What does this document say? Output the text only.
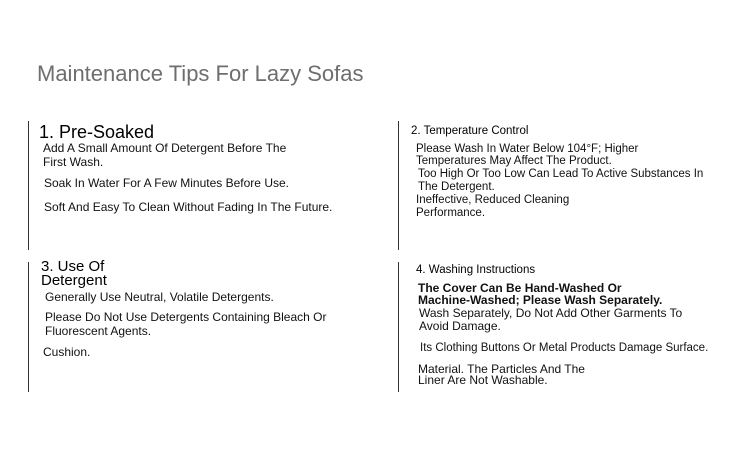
Maintenance Tips For Lazy Sofas
1. Pre-Soaked
Add A Small Amount Of Detergent Before The
First Wash.
Soak In Water For A Few Minutes Before Use.
Soft And Easy To Clean Without Fading In The Future.
2. Temperature Control
Please Wash In Water Below 104°F; Higher
Temperatures May Affect The Product.
Too High Or Too Low Can Lead To Active Substances In
The Detergent.
Ineffective, Reduced Cleaning
Performance.
3. Use Of
Detergent
Generally Use Neutral, Volatile Detergents.
Please Do Not Use Detergents Containing Bleach Or
Fluorescent Agents.
Cushion.
4. Washing Instructions
The Cover Can Be Hand-Washed Or
Machine-Washed; Please Wash Separately.
Wash Separately, Do Not Add Other Garments To
Avoid Damage.
Its Clothing Buttons Or Metal Products Damage Surface.
Material. The Particles And The
Liner Are Not Washable.
